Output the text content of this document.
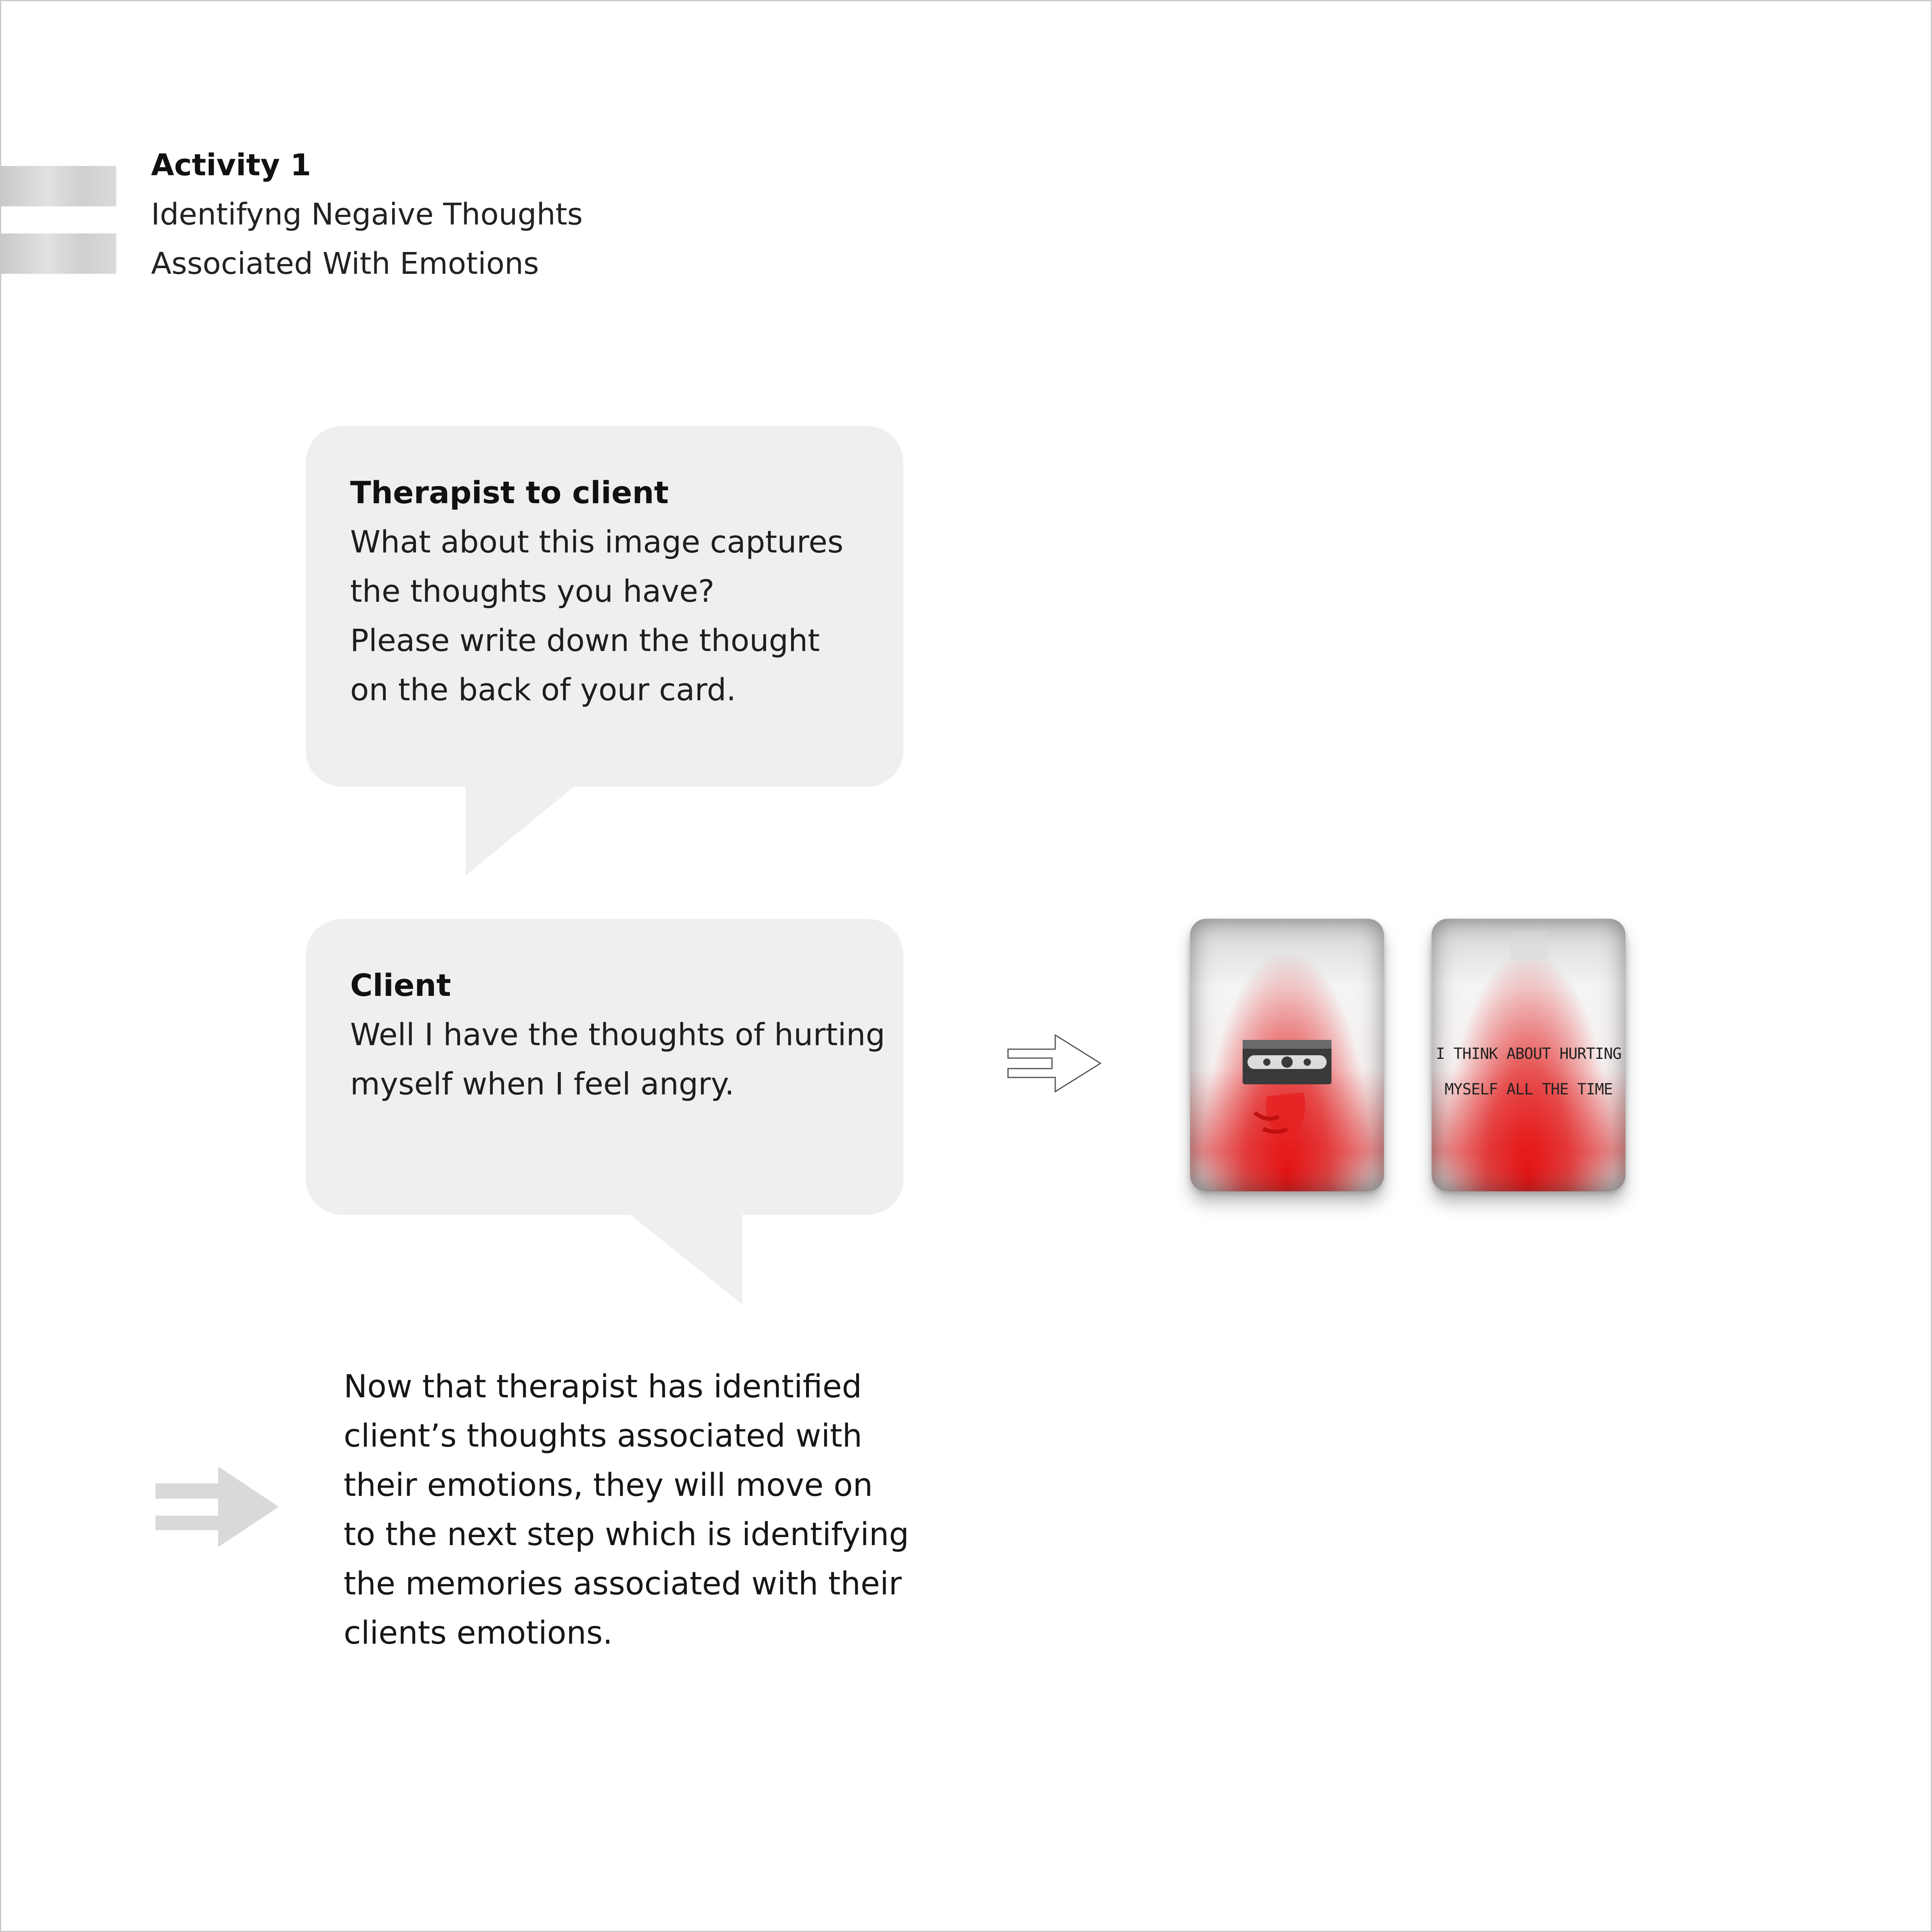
Activity 1
Identifyng Negaive Thoughts
Associated With Emotions
Therapist to client
What about this image captures
the thoughts you have?
Please write down the thought
on the back of your card.
Client
Well I have the thoughts of hurting
myself when I feel angry.
I THINK ABOUT HURTING
MYSELF ALL THE TIME
Now that therapist has identified
client’s thoughts associated with
their emotions, they will move on
to the next step which is identifying
the memories associated with their
clients emotions.
